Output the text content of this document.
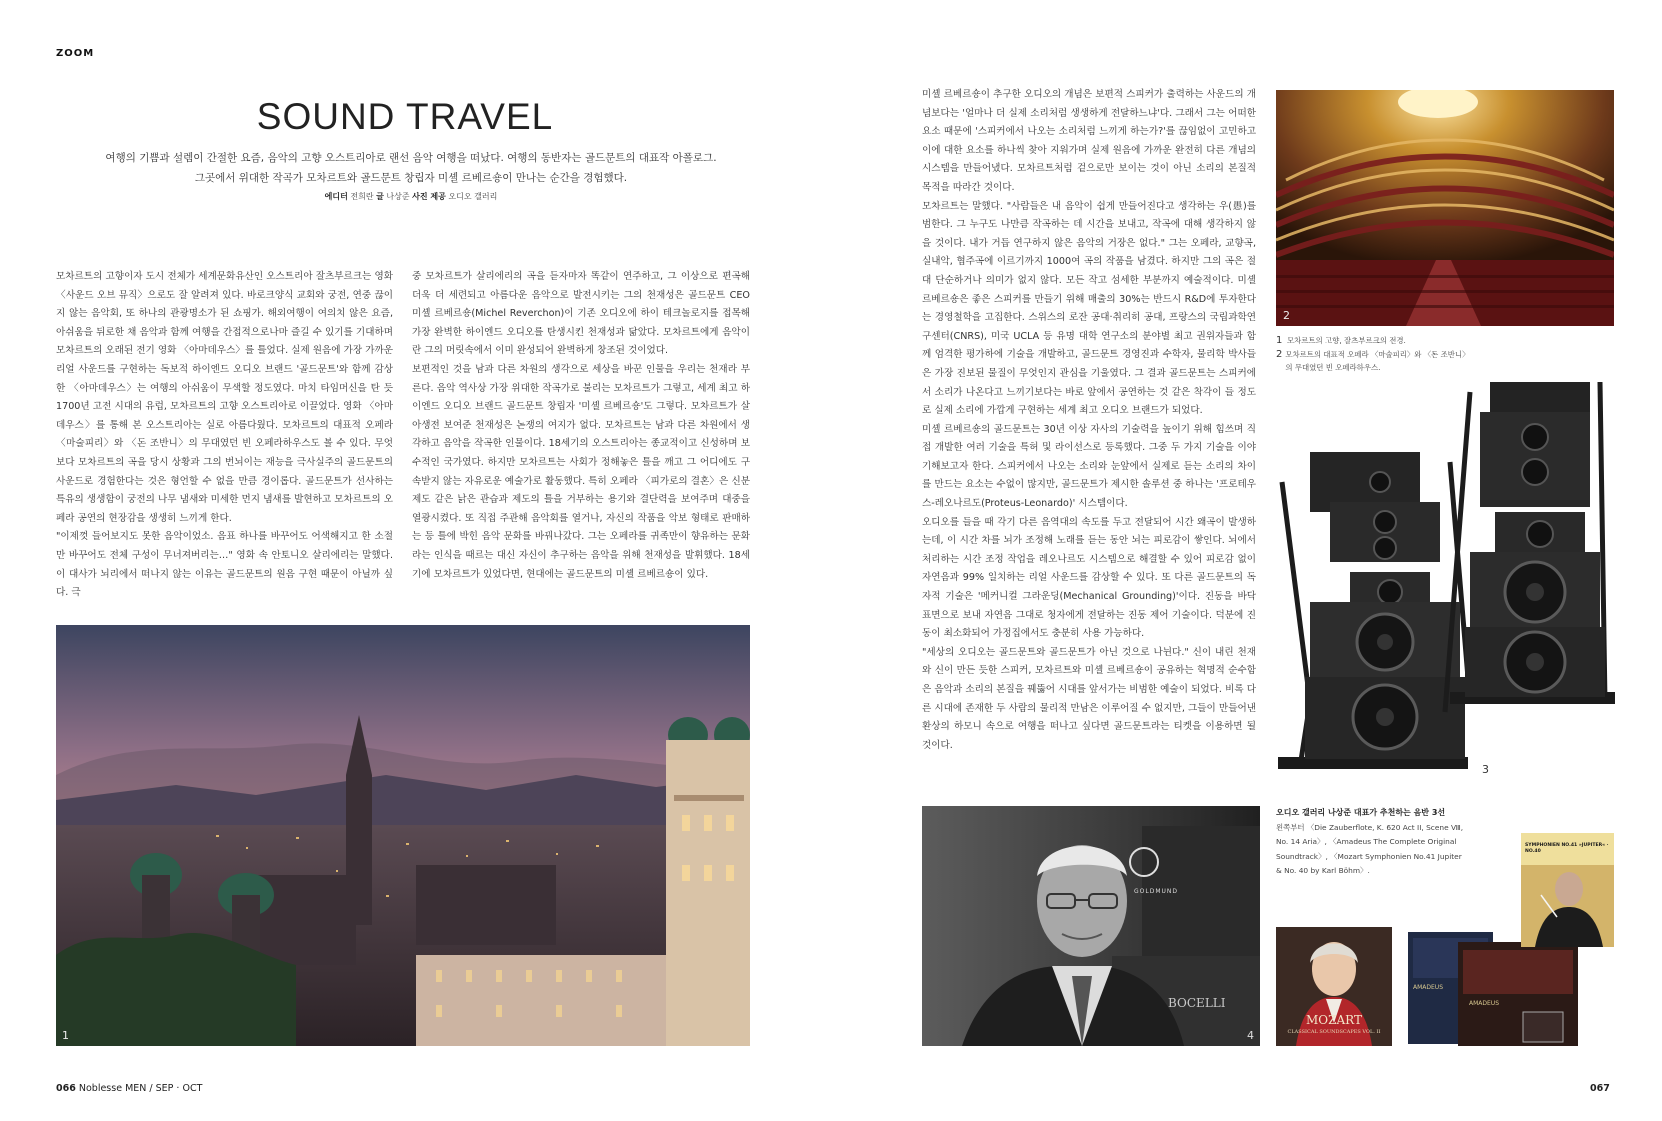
ZOOM
SOUND TRAVEL
여행의 기쁨과 설렘이 간절한 요즘, 음악의 고향 오스트리아로 랜선 음악 여행을 떠났다. 여행의 동반자는 골드문트의 대표작 아폴로그.
그곳에서 위대한 작곡가 모차르트와 골드문트 창립자 미셸 르베르숑이 만나는 순간을 경험했다.
에디터 전희란 글 나상준 사진 제공 오디오 갤러리

모차르트의 고향이자 도시 전체가 세계문화유산인 오스트리아 잘츠부르크는 영화 〈사운드 오브 뮤직〉으로도 잘 알려져 있다. 바로크양식 교회와 궁전, 연중 끊이지 않는 음악회, 또 하나의 관광명소가 된 쇼핑가. 해외여행이 여의치 않은 요즘, 아쉬움을 뒤로한 채 음악과 함께 여행을 간접적으로나마 즐길 수 있기를 기대하며 모차르트의 오래된 전기 영화 〈아마데우스〉를 틀었다. 실제 원음에 가장 가까운 리얼 사운드를 구현하는 독보적 하이엔드 오디오 브랜드 '골드문트'와 함께 감상한 〈아마데우스〉는 여행의 아쉬움이 무색할 정도였다. 마치 타임머신을 탄 듯 1700년 고전 시대의 유럽, 모차르트의 고향 오스트리아로 이끌었다. 영화 〈아마데우스〉를 통해 본 오스트리아는 실로 아름다웠다. 모차르트의 대표적 오페라 〈마술피리〉와 〈돈 조반니〉의 무대였던 빈 오페라하우스도 볼 수 있다. 무엇보다 모차르트의 곡을 당시 상황과 그의 번뇌이는 재능을 극사실주의 골드문트의 사운드로 경험한다는 것은 형언할 수 없을 만큼 경이롭다. 골드문트가 선사하는 특유의 생생함이 궁전의 나무 냄새와 미세한 먼지 냄새를 발현하고 모차르트의 오페라 공연의 현장감을 생생히 느끼게 한다.

"이제껏 들어보지도 못한 음악이었소. 음표 하나를 바꾸어도 어색해지고 한 소절만 바꾸어도 전체 구성이 무너져버리는…" 영화 속 안토니오 살리에리는 말했다. 이 대사가 뇌리에서 떠나지 않는 이유는 골드문트의 원음 구현 때문이 아닐까 싶다. 극

중 모차르트가 살리에리의 곡을 듣자마자 똑같이 연주하고, 그 이상으로 편곡해 더욱 더 세련되고 아름다운 음악으로 발전시키는 그의 천재성은 골드문트 CEO 미셸 르베르숑(Michel Reverchon)이 기존 오디오에 하이 테크놀로지를 접목해 가장 완벽한 하이엔드 오디오를 탄생시킨 천재성과 닮았다. 모차르트에게 음악이란 그의 머릿속에서 이미 완성되어 완벽하게 창조된 것이었다.

보편적인 것을 남과 다른 차원의 생각으로 세상을 바꾼 인물을 우리는 천재라 부른다. 음악 역사상 가장 위대한 작곡가로 불리는 모차르트가 그렇고, 세계 최고 하이엔드 오디오 브랜드 골드문트 창립자 '미셸 르베르숑'도 그렇다. 모차르트가 살아생전 보여준 천재성은 논쟁의 여지가 없다. 모차르트는 남과 다른 차원에서 생각하고 음악을 작곡한 인물이다. 18세기의 오스트리아는 종교적이고 신성하며 보수적인 국가였다. 하지만 모차르트는 사회가 정해놓은 틀을 깨고 그 어디에도 구속받지 않는 자유로운 예술가로 활동했다. 특히 오페라 〈피가로의 결혼〉은 신분제도 같은 낡은 관습과 제도의 틀을 거부하는 용기와 결단력을 보여주며 대중을 열광시켰다. 또 직접 주관해 음악회를 열거나, 자신의 작품을 악보 형태로 판매하는 등 틀에 박힌 음악 문화를 바꿔나갔다. 그는 오페라를 귀족만이 향유하는 문화라는 인식을 때르는 대신 자신이 추구하는 음악을 위해 천재성을 발휘했다. 18세기에 모차르트가 있었다면, 현대에는 골드문트의 미셸 르베르숑이 있다.

1

미셸 르베르숑이 추구한 오디오의 개념은 보편적 스피커가 출력하는 사운드의 개념보다는 '얼마나 더 실제 소리처럼 생생하게 전달하느냐'다. 그래서 그는 어떠한 요소 때문에 '스피커에서 나오는 소리처럼 느끼게 하는가?'를 끊임없이 고민하고 이에 대한 요소를 하나씩 찾아 지워가며 실제 원음에 가까운 완전히 다른 개념의 시스템을 만들어냈다. 모차르트처럼 겉으로만 보이는 것이 아닌 소리의 본질적 목적을 따라간 것이다.

모차르트는 말했다. "사람들은 내 음악이 쉽게 만들어진다고 생각하는 우(愚)를 범한다. 그 누구도 나만큼 작곡하는 데 시간을 보내고, 작곡에 대해 생각하지 않을 것이다. 내가 거듭 연구하지 않은 음악의 거장은 없다." 그는 오페라, 교향곡, 실내악, 협주곡에 이르기까지 1000여 곡의 작품을 남겼다. 하지만 그의 곡은 절대 단순하거나 의미가 없지 않다. 모든 작고 섬세한 부분까지 예술적이다. 미셸 르베르숑은 좋은 스피커를 만들기 위해 매출의 30%는 반드시 R&D에 투자한다는 경영철학을 고집한다. 스위스의 로잔 공대·취리히 공대, 프랑스의 국립과학연구센터(CNRS), 미국 UCLA 등 유명 대학 연구소의 분야별 최고 권위자들과 함께 엄격한 평가하에 기술을 개발하고, 골드문트 경영진과 수학자, 물리학 박사들은 가장 진보된 물질이 무엇인지 관심을 기울였다. 그 결과 골드문트는 스피커에서 소리가 나온다고 느끼기보다는 바로 앞에서 공연하는 것 같은 착각이 들 정도로 실제 소리에 가깝게 구현하는 세계 최고 오디오 브랜드가 되었다.

미셸 르베르숑의 골드문트는 30년 이상 자사의 기술력을 높이기 위해 힘쓰며 직접 개발한 여러 기술을 특허 및 라이선스로 등록했다. 그중 두 가지 기술을 이야기해보고자 한다. 스피커에서 나오는 소리와 눈앞에서 실제로 듣는 소리의 차이를 만드는 요소는 수없이 많지만, 골드문트가 제시한 솔루션 중 하나는 '프로테우스-레오나르도(Proteus-Leonardo)' 시스템이다.

오디오를 들을 때 각기 다른 음역대의 속도를 두고 전달되어 시간 왜곡이 발생하는데, 이 시간 차를 뇌가 조정해 노래를 듣는 동안 뇌는 피로감이 쌓인다. 뇌에서 처리하는 시간 조정 작업을 레오나르도 시스템으로 해결할 수 있어 피로감 없이 자연음과 99% 일치하는 리얼 사운드를 감상할 수 있다. 또 다른 골드문트의 독자적 기술은 '메커니컬 그라운딩(Mechanical Grounding)'이다. 진동을 바닥 표면으로 보내 자연음 그대로 청자에게 전달하는 진동 제어 기술이다. 덕분에 진동이 최소화되어 가정집에서도 충분히 사용 가능하다.

"세상의 오디오는 골드문트와 골드문트가 아닌 것으로 나뉜다." 신이 내린 천재와 신이 만든 듯한 스피커, 모차르트와 미셸 르베르숑이 공유하는 혁명적 순수함은 음악과 소리의 본질을 꿰뚫어 시대를 앞서가는 비범한 예술이 되었다. 비록 다른 시대에 존재한 두 사람의 물리적 만남은 이루어질 수 없지만, 그들이 만들어낸 환상의 하모니 속으로 여행을 떠나고 싶다면 골드문트라는 티켓을 이용하면 될 것이다.

2
1 모차르트의 고향, 잘츠부르크의 전경.
2 모차르트의 대표적 오페라 〈마술피리〉와 〈돈 조반니〉의 무대였던 빈 오페라하우스.
3
GOLDMUND
BOCELLI
4
오디오 갤러리 나상준 대표가 추천하는 음반 3선
왼쪽부터 〈Die Zauberflote, K. 620 Act II, Scene Ⅷ, No. 14 Aria〉, 〈Amadeus The Complete Original Soundtrack〉, 〈Mozart Symphonien No.41 Jupiter & No. 40 by Karl Böhm〉.
MOZART
CLASSICAL SOUNDSCAPES VOL. II
AMADEUS
AMADEUS
SYMPHONIEN NO.41 »JUPITER« · NO.40
066 Noblesse MEN / SEP · OCT	067
